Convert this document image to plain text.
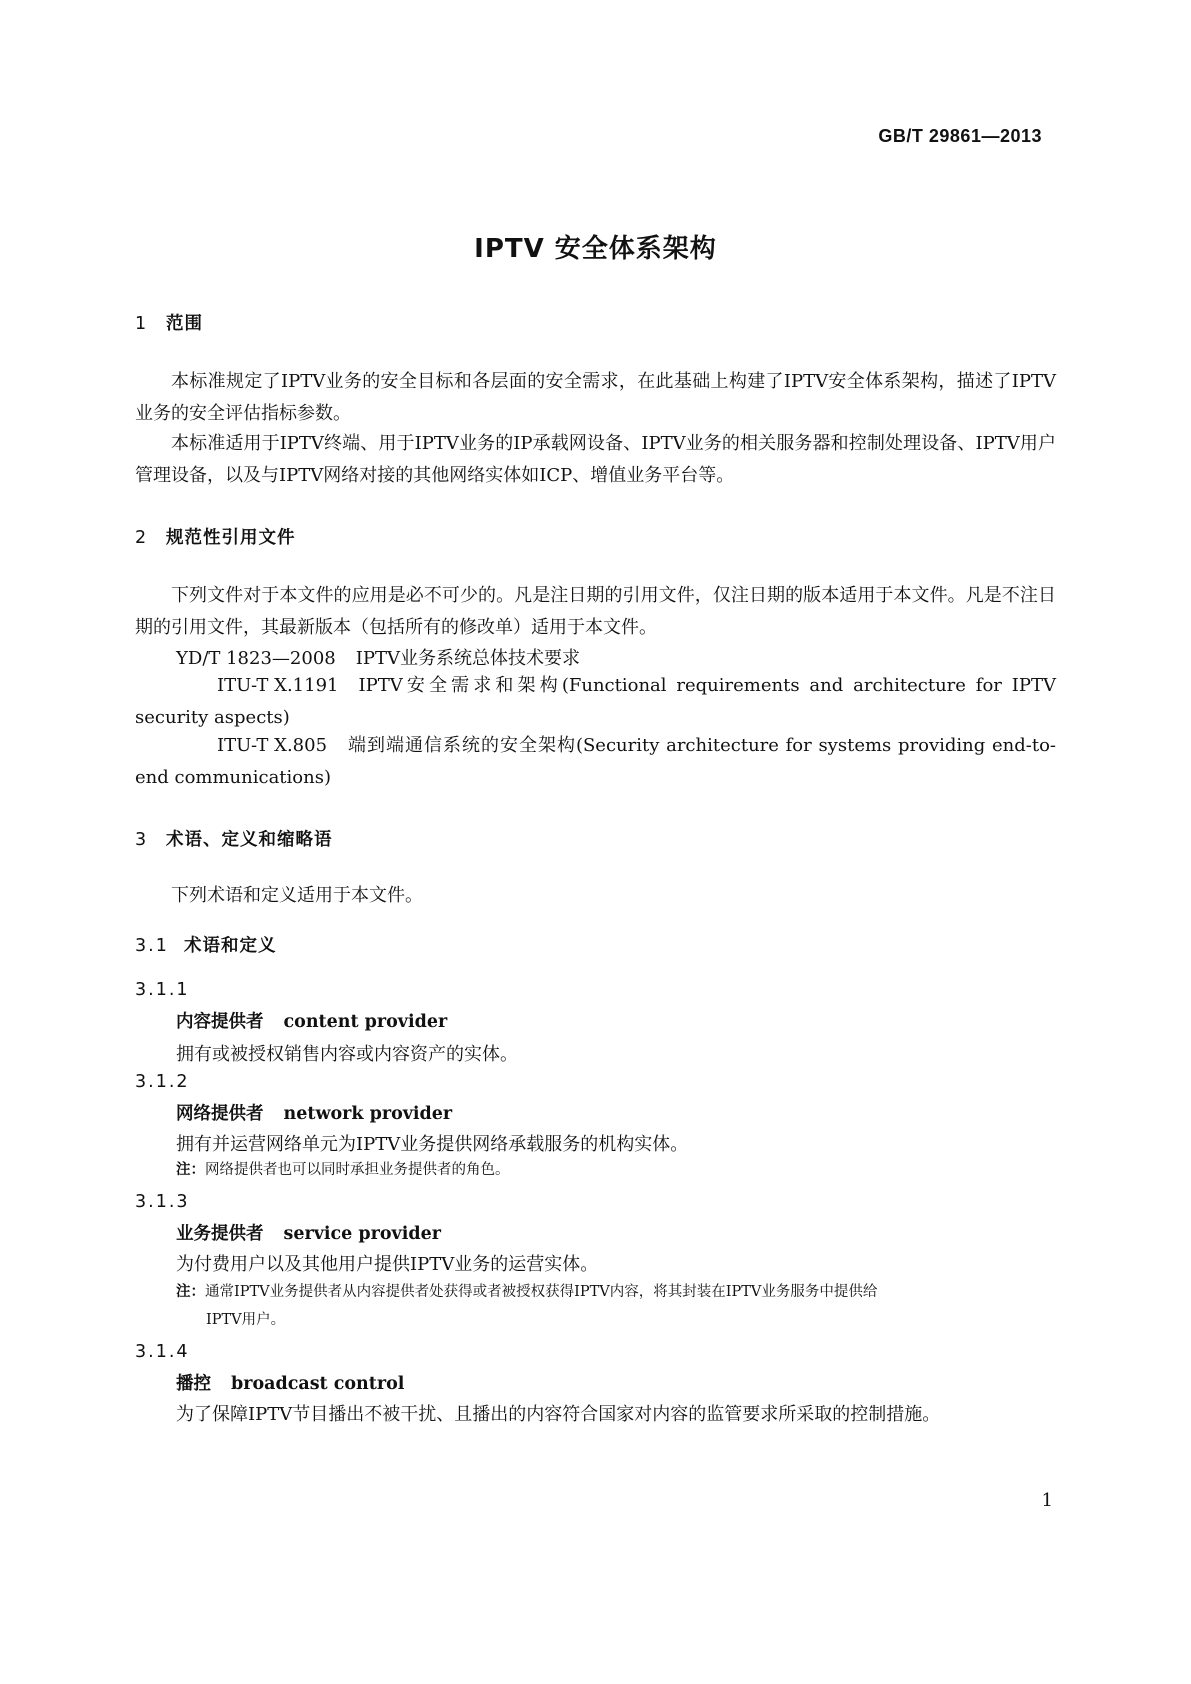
GB/T 29861—2013
IPTV 安全体系架构
1 范围

本标准规定了IPTV业务的安全目标和各层面的安全需求，在此基础上构建了IPTV安全体系架构，描述了IPTV业务的安全评估指标参数。

本标准适用于IPTV终端、用于IPTV业务的IP承载网设备、IPTV业务的相关服务器和控制处理设备、IPTV用户管理设备，以及与IPTV网络对接的其他网络实体如ICP、增值业务平台等。

2 规范性引用文件

下列文件对于本文件的应用是必不可少的。凡是注日期的引用文件，仅注日期的版本适用于本文件。凡是不注日期的引用文件，其最新版本（包括所有的修改单）适用于本文件。

YD/T 1823—2008 IPTV业务系统总体技术要求

ITU-T X.1191 IPTV安全需求和架构(Functional requirements and architecture for IPTV security aspects)

ITU-T X.805 端到端通信系统的安全架构(Security architecture for systems providing end-to-end communications)

3 术语、定义和缩略语

下列术语和定义适用于本文件。

3.1 术语和定义
3.1.1
内容提供者 content provider
拥有或被授权销售内容或内容资产的实体。
3.1.2
网络提供者 network provider
拥有并运营网络单元为IPTV业务提供网络承载服务的机构实体。

注：网络提供者也可以同时承担业务提供者的角色。

3.1.3
业务提供者 service provider
为付费用户以及其他用户提供IPTV业务的运营实体。

注：通常IPTV业务提供者从内容提供者处获得或者被授权获得IPTV内容，将其封装在IPTV业务服务中提供给
IPTV用户。

3.1.4
播控 broadcast control
为了保障IPTV节目播出不被干扰、且播出的内容符合国家对内容的监管要求所采取的控制措施。
1
